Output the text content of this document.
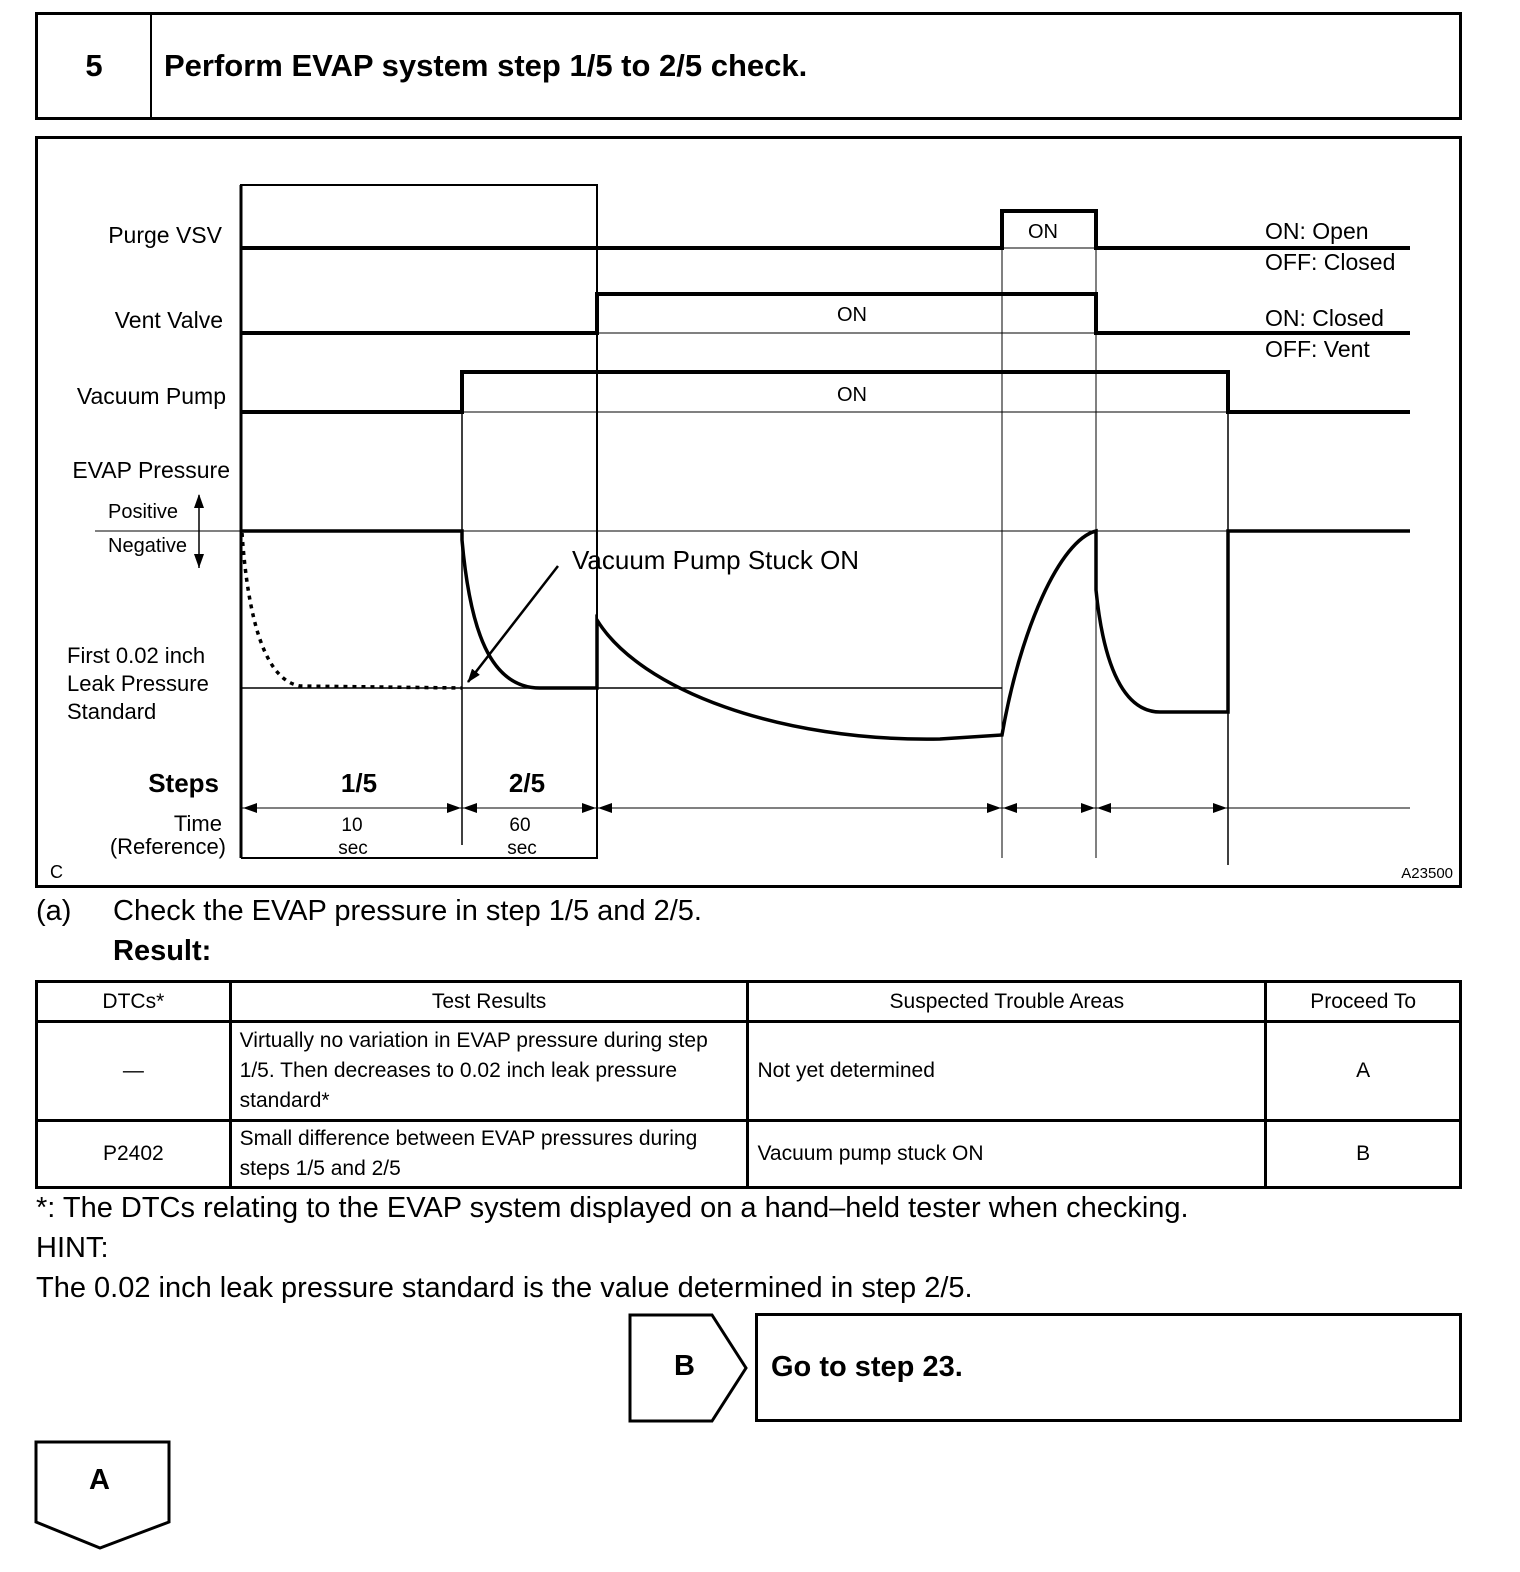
5	Perform EVAP system step 1/5 to 2/5 check.
Purge VSV
Vent Valve
Vacuum Pump
ON
ON
ON
ON: Open
OFF: Closed
ON: Closed
OFF: Vent
EVAP Pressure
Positive
Negative
First 0.02 inch
Leak Pressure
Standard
Vacuum Pump Stuck ON
Steps	1/5	2/5
Time
(Reference)
10
sec
60
sec
C	A23500
(a) Check the EVAP pressure in step 1/5 and 2/5.
Result:
DTCs*	Test Results	Suspected Trouble Areas	Proceed To
—	Virtually no variation in EVAP pressure during step 1/5. Then decreases to 0.02 inch leak pressure standard*	Not yet determined	A
P2402	Small difference between EVAP pressures during steps 1/5 and 2/5	Vacuum pump stuck ON	B
*: The DTCs relating to the EVAP system displayed on a hand–held tester when checking.
HINT:
The 0.02 inch leak pressure standard is the value determined in step 2/5.
B	Go to step 23.
A
